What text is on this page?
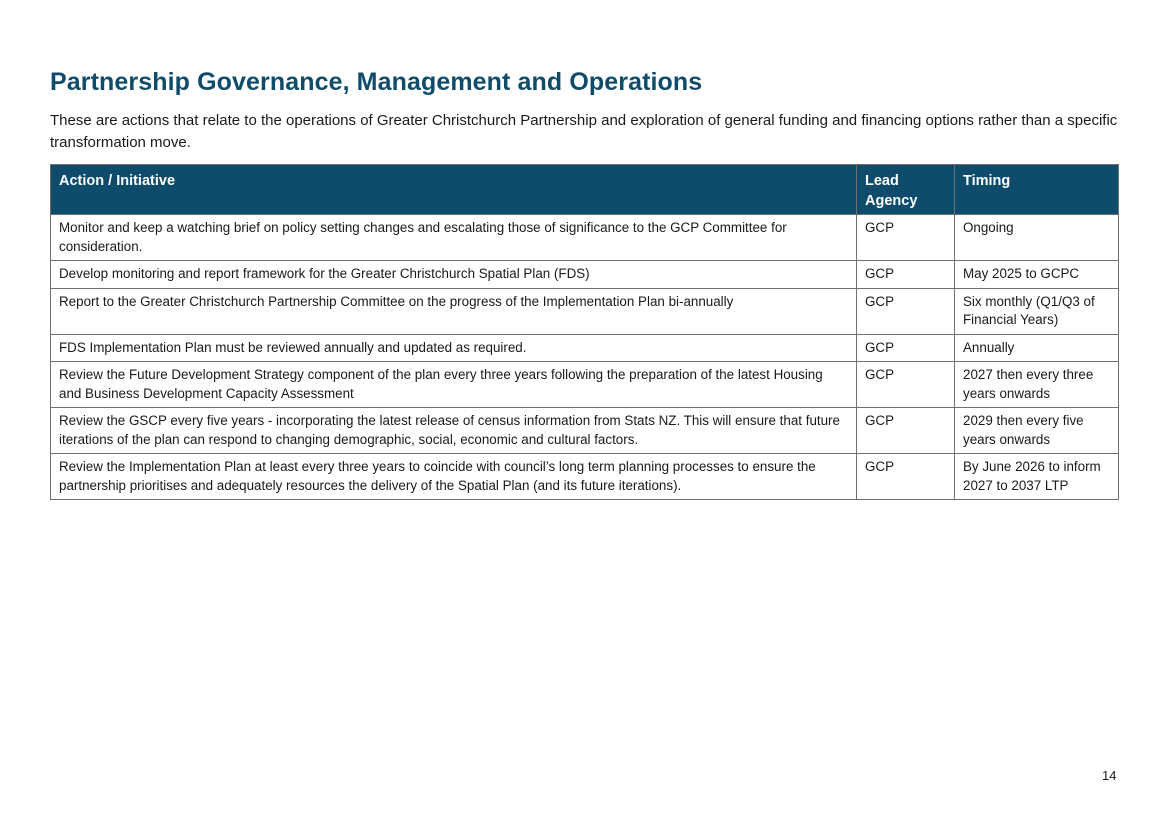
Partnership Governance, Management and Operations

These are actions that relate to the operations of Greater Christchurch Partnership and exploration of general funding and financing options rather than a specific transformation move.

Action / Initiative	Lead Agency	Timing
Monitor and keep a watching brief on policy setting changes and escalating those of significance to the GCP Committee for consideration.	GCP	Ongoing
Develop monitoring and report framework for the Greater Christchurch Spatial Plan (FDS)	GCP	May 2025 to GCPC
Report to the Greater Christchurch Partnership Committee on the progress of the Implementation Plan bi-annually	GCP	Six monthly (Q1/Q3 of Financial Years)
FDS Implementation Plan must be reviewed annually and updated as required.	GCP	Annually
Review the Future Development Strategy component of the plan every three years following the preparation of the latest Housing and Business Development Capacity Assessment	GCP	2027 then every three years onwards
Review the GSCP every five years - incorporating the latest release of census information from Stats NZ. This will ensure that future iterations of the plan can respond to changing demographic, social, economic and cultural factors.	GCP	2029 then every five years onwards
Review the Implementation Plan at least every three years to coincide with council’s long term planning processes to ensure the partnership prioritises and adequately resources the delivery of the Spatial Plan (and its future iterations).	GCP	By June 2026 to inform 2027 to 2037 LTP
14
